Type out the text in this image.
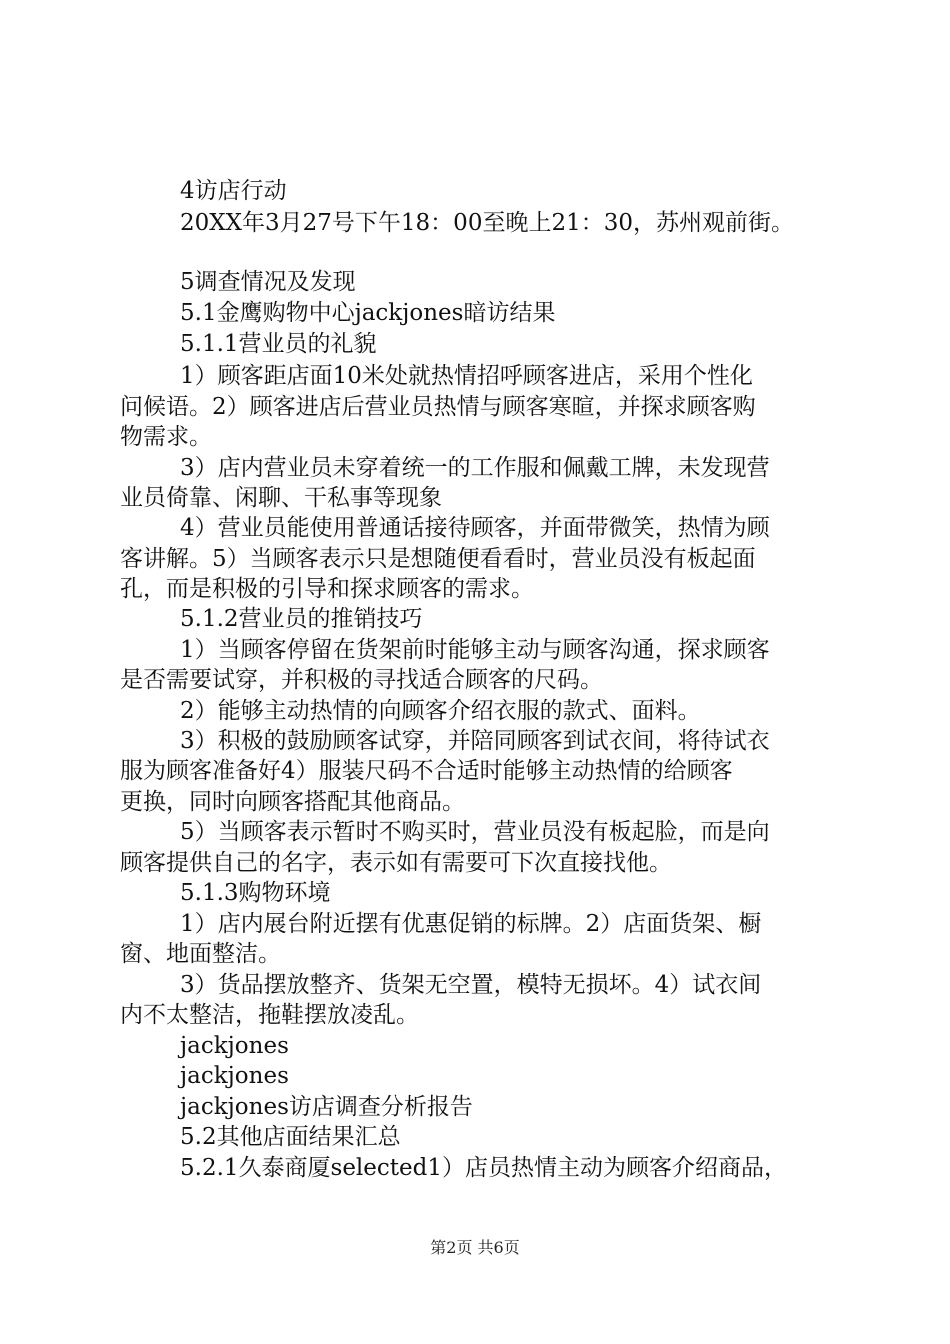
4访店行动
20XX年3月27号下午18：00至晚上21：30，苏州观前街。
5调查情况及发现
5.1金鹰购物中心jackjones暗访结果
5.1.1营业员的礼貌
1）顾客距店面10米处就热情招呼顾客进店，采用个性化
问候语。2）顾客进店后营业员热情与顾客寒暄，并探求顾客购
物需求。
3）店内营业员未穿着统一的工作服和佩戴工牌，未发现营
业员倚靠、闲聊、干私事等现象
4）营业员能使用普通话接待顾客，并面带微笑，热情为顾
客讲解。5）当顾客表示只是想随便看看时，营业员没有板起面
孔，而是积极的引导和探求顾客的需求。
5.1.2营业员的推销技巧
1）当顾客停留在货架前时能够主动与顾客沟通，探求顾客
是否需要试穿，并积极的寻找适合顾客的尺码。
2）能够主动热情的向顾客介绍衣服的款式、面料。
3）积极的鼓励顾客试穿，并陪同顾客到试衣间，将待试衣
服为顾客准备好4）服装尺码不合适时能够主动热情的给顾客
更换，同时向顾客搭配其他商品。
5）当顾客表示暂时不购买时，营业员没有板起脸，而是向
顾客提供自己的名字，表示如有需要可下次直接找他。
5.1.3购物环境
1）店内展台附近摆有优惠促销的标牌。2）店面货架、橱
窗、地面整洁。
3）货品摆放整齐、货架无空置，模特无损坏。4）试衣间
内不太整洁，拖鞋摆放凌乱。
jackjones
jackjones
jackjones访店调查分析报告
5.2其他店面结果汇总
5.2.1久泰商厦selected1）店员热情主动为顾客介绍商品，
第2页 共6页
